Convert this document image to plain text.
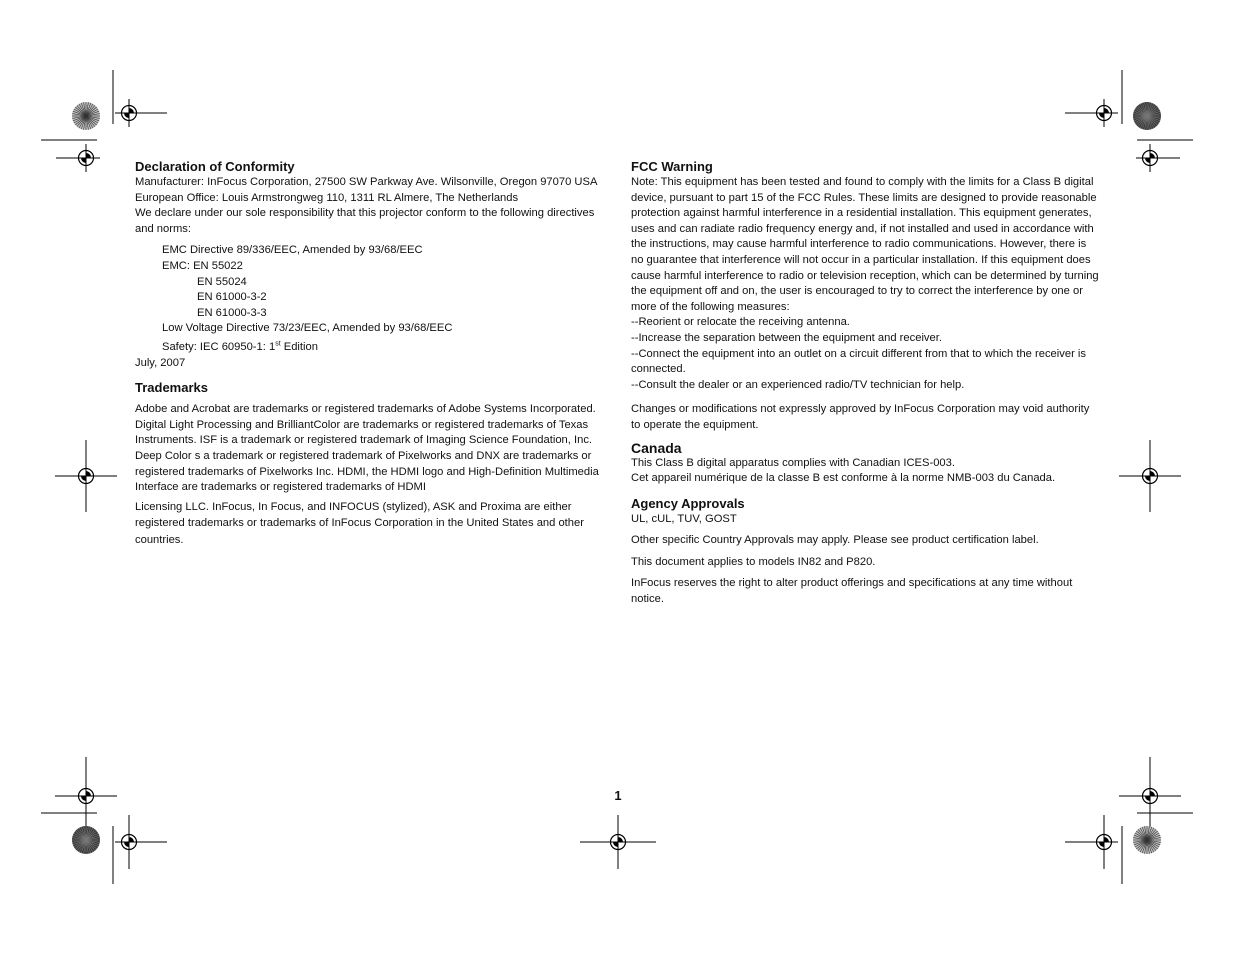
Declaration of Conformity

Manufacturer: InFocus Corporation, 27500 SW Parkway Ave. Wilsonville, Oregon 97070 USA

European Office: Louis Armstrongweg 110, 1311 RL Almere, The Netherlands

We declare under our sole responsibility that this projector conform to the following directives and norms:

EMC Directive 89/336/EEC, Amended by 93/68/EEC

EMC: EN 55022

EN 55024

EN 61000-3-2

EN 61000-3-3

Low Voltage Directive 73/23/EEC, Amended by 93/68/EEC

Safety: IEC 60950-1: 1st Edition

July, 2007

Trademarks

Adobe and Acrobat are trademarks or registered trademarks of Adobe Systems Incorporated. Digital Light Processing and BrilliantColor are trademarks or registered trademarks of Texas Instruments. ISF is a trademark or registered trademark of Imaging Science Foundation, Inc. Deep Color s a trademark or registered trademark of Pixelworks and DNX are trademarks or registered trademarks of Pixelworks Inc. HDMI, the HDMI logo and High-Definition Multimedia Interface are trademarks or registered trademarks of HDMI

Licensing LLC. InFocus, In Focus, and INFOCUS (stylized), ASK and Proxima are either registered trademarks or trademarks of InFocus Corporation in the United States and other countries.

FCC Warning

Note: This equipment has been tested and found to comply with the limits for a Class B digital device, pursuant to part 15 of the FCC Rules. These limits are designed to provide reasonable protection against harmful interference in a residential installation. This equipment generates, uses and can radiate radio frequency energy and, if not installed and used in accordance with the instructions, may cause harmful interference to radio communications. However, there is no guarantee that interference will not occur in a particular installation. If this equipment does cause harmful interference to radio or television reception, which can be determined by turning the equipment off and on, the user is encouraged to try to correct the interference by one or more of the following measures:

--Reorient or relocate the receiving antenna.

--Increase the separation between the equipment and receiver.

--Connect the equipment into an outlet on a circuit different from that to which the receiver is connected.

--Consult the dealer or an experienced radio/TV technician for help.

Changes or modifications not expressly approved by InFocus Corporation may void authority to operate the equipment.

Canada

This Class B digital apparatus complies with Canadian ICES-003.

Cet appareil numérique de la classe B est conforme à la norme NMB-003 du Canada.

Agency Approvals

UL, cUL, TUV, GOST

Other specific Country Approvals may apply. Please see product certification label.

This document applies to models IN82 and P820.

InFocus reserves the right to alter product offerings and specifications at any time without notice.

1
